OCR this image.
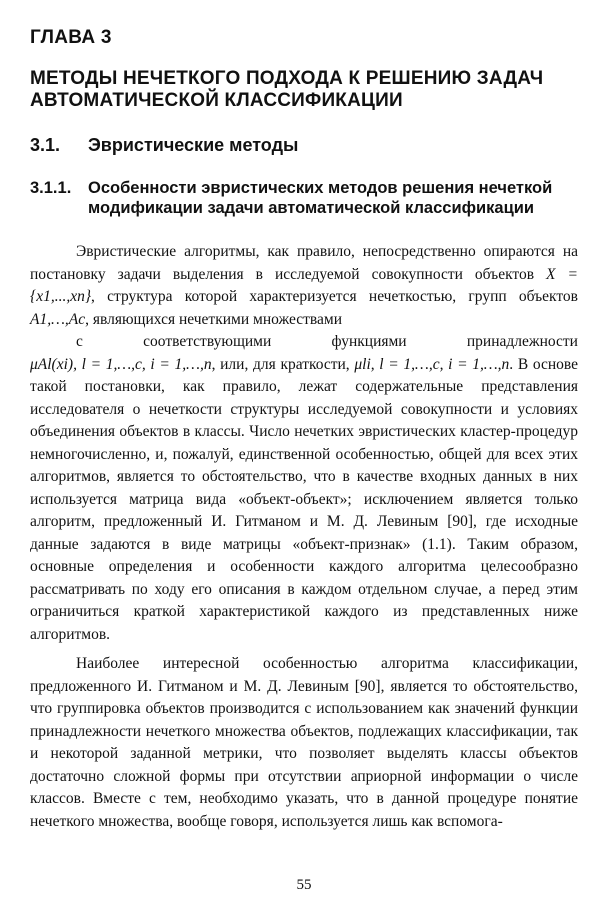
ГЛАВА 3
МЕТОДЫ НЕЧЕТКОГО ПОДХОДА К РЕШЕНИЮ ЗАДАЧ АВТОМАТИЧЕСКОЙ КЛАССИФИКАЦИИ
3.1. Эвристические методы
3.1.1. Особенности эвристических методов решения нечеткой модификации задачи автоматической классификации

Эвристические алгоритмы, как правило, непосредственно опираются на постановку задачи выделения в исследуемой совокупности объектов X = {x1,...,xn}, структура которой характеризуется нечеткостью, групп объектов A1,…,Ac, являющихся нечеткими множествами
с	соответствующими	функциями	принадлежности
μAl(xi), l = 1,…,c, i = 1,…,n, или, для краткости, μli, l = 1,…,c, i = 1,…,n. В основе такой постановки, как правило, лежат содержательные представления исследователя о нечеткости структуры исследуемой совокупности и условиях объединения объектов в классы. Число нечетких эвристических кластер-процедур немногочисленно, и, пожалуй, единственной особенностью, общей для всех этих алгоритмов, является то обстоятельство, что в качестве входных данных в них используется матрица вида «объект-объект»; исключением является только алгоритм, предложенный И. Гитманом и М. Д. Левиным [90], где исходные данные задаются в виде матрицы «объект-признак» (1.1). Таким образом, основные определения и особенности каждого алгоритма целесообразно рассматривать по ходу его описания в каждом отдельном случае, а перед этим ограничиться краткой характеристикой каждого из представленных ниже алгоритмов.

Наиболее интересной особенностью алгоритма классификации, предложенного И. Гитманом и М. Д. Левиным [90], является то обстоятельство, что группировка объектов производится с использованием как значений функции принадлежности нечеткого множества объектов, подлежащих классификации, так и некоторой заданной метрики, что позволяет выделять классы объектов достаточно сложной формы при отсутствии априорной информации о числе классов. Вместе с тем, необходимо указать, что в данной процедуре понятие нечеткого множества, вообще говоря, используется лишь как вспомога-

55
